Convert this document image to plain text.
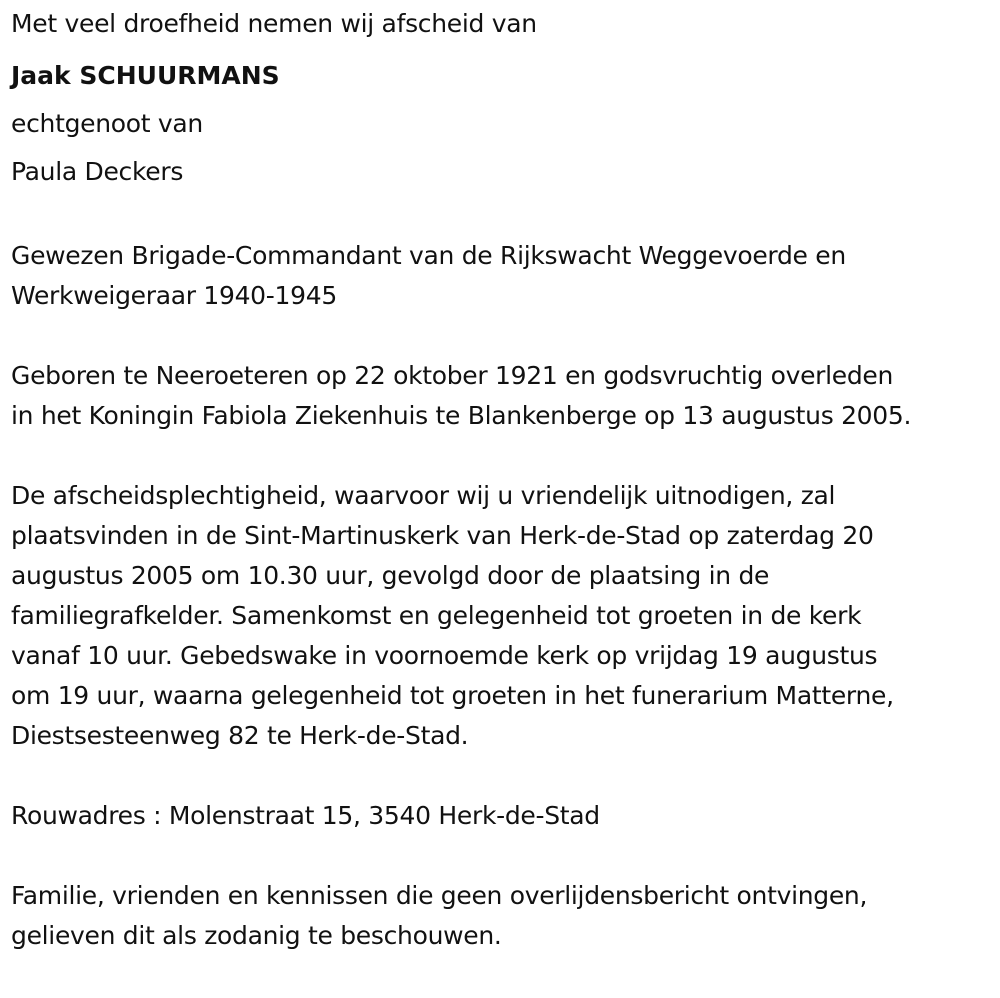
Met veel droefheid nemen wij afscheid van

Jaak SCHUURMANS

echtgenoot van

Paula Deckers

Gewezen Brigade-Commandant van de Rijkswacht Weggevoerde en

Werkweigeraar 1940-1945

Geboren te Neeroeteren op 22 oktober 1921 en godsvruchtig overleden

in het Koningin Fabiola Ziekenhuis te Blankenberge op 13 augustus 2005.

De afscheidsplechtigheid, waarvoor wij u vriendelijk uitnodigen, zal

plaatsvinden in de Sint-Martinuskerk van Herk-de-Stad op zaterdag 20

augustus 2005 om 10.30 uur, gevolgd door de plaatsing in de

familiegrafkelder. Samenkomst en gelegenheid tot groeten in de kerk

vanaf 10 uur. Gebedswake in voornoemde kerk op vrijdag 19 augustus

om 19 uur, waarna gelegenheid tot groeten in het funerarium Matterne,

Diestsesteenweg 82 te Herk-de-Stad.

Rouwadres : Molenstraat 15, 3540 Herk-de-Stad

Familie, vrienden en kennissen die geen overlijdensbericht ontvingen,

gelieven dit als zodanig te beschouwen.
